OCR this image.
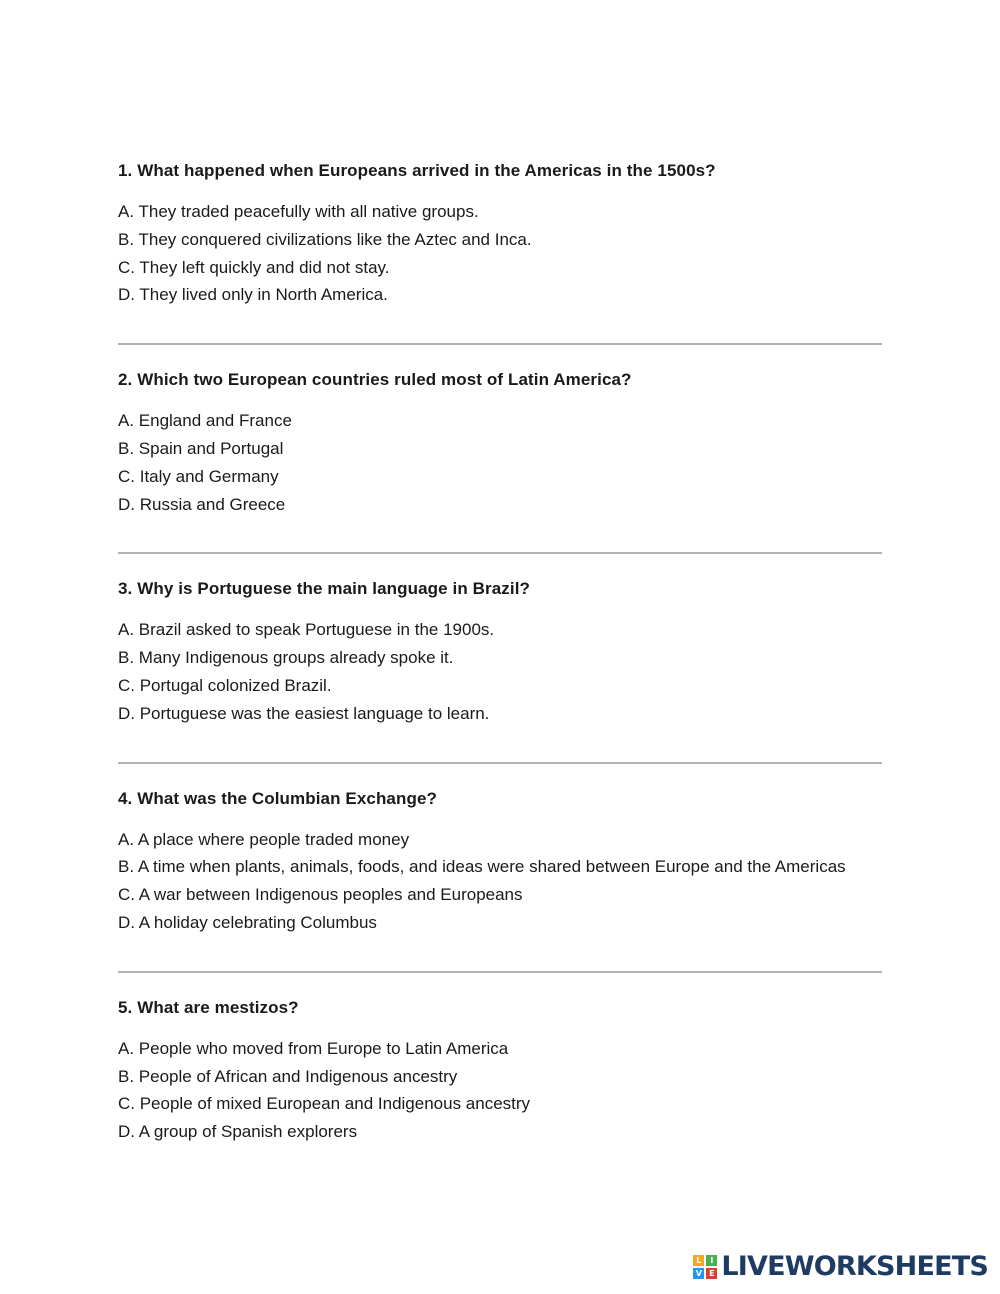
1. What happened when Europeans arrived in the Americas in the 1500s?

A. They traded peacefully with all native groups.
B. They conquered civilizations like the Aztec and Inca.
C. They left quickly and did not stay.
D. They lived only in North America.

2. Which two European countries ruled most of Latin America?

A. England and France
B. Spain and Portugal
C. Italy and Germany
D. Russia and Greece

3. Why is Portuguese the main language in Brazil?

A. Brazil asked to speak Portuguese in the 1900s.
B. Many Indigenous groups already spoke it.
C. Portugal colonized Brazil.
D. Portuguese was the easiest language to learn.

4. What was the Columbian Exchange?

A. A place where people traded money
B. A time when plants, animals, foods, and ideas were shared between Europe and the Americas
C. A war between Indigenous peoples and Europeans
D. A holiday celebrating Columbus

5. What are mestizos?

A. People who moved from Europe to Latin America
B. People of African and Indigenous ancestry
C. People of mixed European and Indigenous ancestry
D. A group of Spanish explorers
L	I
V E LIVEWORKSHEETS
